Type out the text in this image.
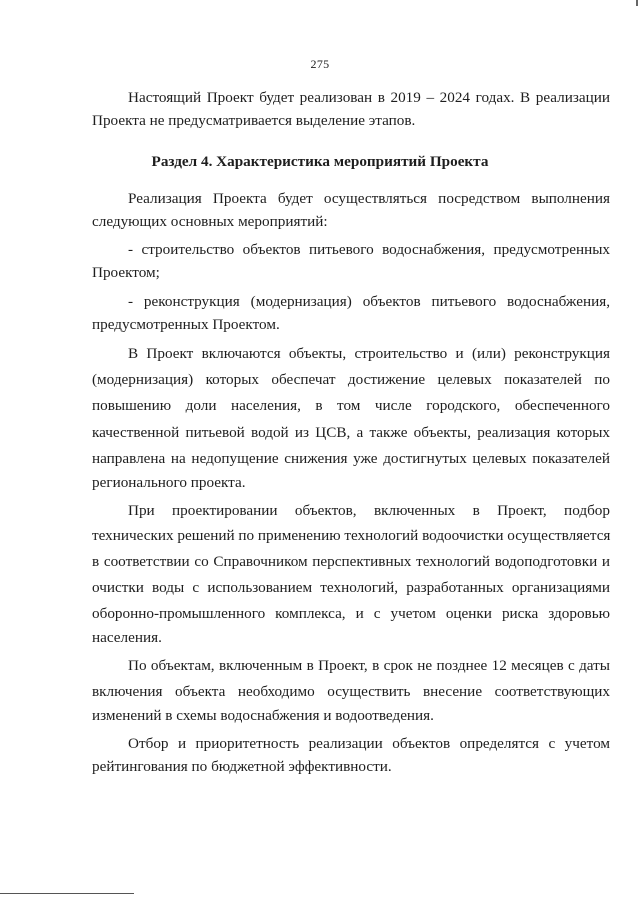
275
Настоящий Проект будет реализован в 2019 – 2024 годах. В реализации
Проекта не предусматривается выделение этапов.
Раздел 4. Характеристика мероприятий Проекта
Реализация Проекта будет осуществляться посредством выполнения
следующих основных мероприятий:
- строительство объектов питьевого водоснабжения, предусмотренных
Проектом;
- реконструкция (модернизация) объектов питьевого водоснабжения,
предусмотренных Проектом.
В Проект включаются объекты, строительство и (или) реконструкция
(модернизация) которых обеспечат достижение целевых показателей по
повышению доли населения, в том числе городского, обеспеченного
качественной питьевой водой из ЦСВ, а также объекты, реализация которых
направлена на недопущение снижения уже достигнутых целевых показателей
регионального проекта.
При проектировании объектов, включенных в Проект, подбор
технических решений по применению технологий водоочистки осуществляется
в соответствии со Справочником перспективных технологий водоподготовки и
очистки воды с использованием технологий, разработанных организациями
оборонно-промышленного комплекса, и с учетом оценки риска здоровью
населения.
По объектам, включенным в Проект, в срок не позднее 12 месяцев с даты
включения объекта необходимо осуществить внесение соответствующих
изменений в схемы водоснабжения и водоотведения.
Отбор и приоритетность реализации объектов определятся с учетом
рейтингования по бюджетной эффективности.
